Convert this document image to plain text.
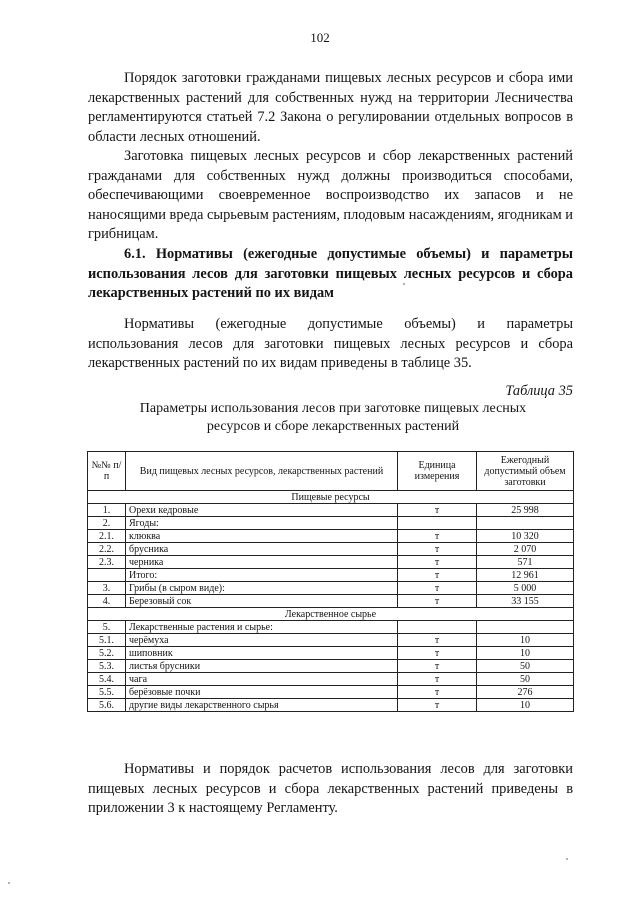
102

Порядок заготовки гражданами пищевых лесных ресурсов и сбора ими лекарственных растений для собственных нужд на территории Лесничества регламентируются статьей 7.2 Закона о регулировании отдельных вопросов в области лесных отношений.

Заготовка пищевых лесных ресурсов и сбор лекарственных растений гражданами для собственных нужд должны производиться способами, обеспечивающими своевременное воспроизводство их запасов и не наносящими вреда сырьевым растениям, плодовым насаждениям, ягодникам и грибницам.

6.1. Нормативы (ежегодные допустимые объемы) и параметры использования лесов для заготовки пищевых лесных ресурсов и сбора лекарственных растений по их видам

Нормативы (ежегодные допустимые объемы) и параметры использования лесов для заготовки пищевых лесных ресурсов и сбора лекарственных растений по их видам приведены в таблице 35.

Таблица 35

Параметры использования лесов при заготовке пищевых лесных
ресурсов и сборе лекарственных растений
№№ п/п	Вид пищевых лесных ресурсов, лекарственных растений	Единица измерения	Ежегодный допустимый объем заготовки
Пищевые ресурсы			
1.	Орехи кедровые	т	25 998
2.	Ягоды:		
2.1.	клюква	т	10 320
2.2.	брусника	т	2 070
2.3.	черника	т	571
	Итого:	т	12 961
3.	Грибы (в сыром виде):	т	5 000
4.	Березовый сок	т	33 155
Лекарственное сырье			
5.	Лекарственные растения и сырье:		
5.1.	черёмуха	т	10
5.2.	шиповник	т	10
5.3.	листья брусники	т	50
5.4.	чага	т	50
5.5.	берёзовые почки	т	276
5.6.	другие виды лекарственного сырья	т	10

Нормативы и порядок расчетов использования лесов для заготовки пищевых лесных ресурсов и сбора лекарственных растений приведены в приложении 3 к настоящему Регламенту.
